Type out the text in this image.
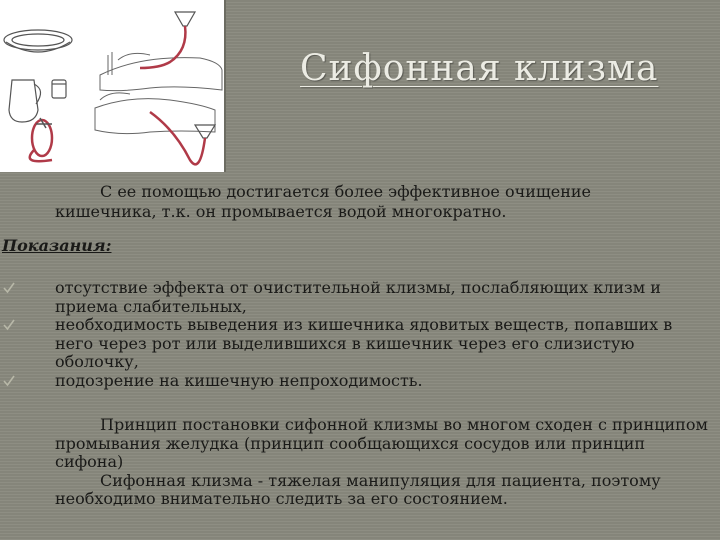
Сифонная клизма

С ее помощью достигается более эффективное очищение кишечника, т.к. он промывается водой многократно.

Показания:
отсутствие эффекта от очистительной клизмы, послабляющих клизм и приема слабительных,
необходимость выведения из кишечника ядовитых веществ, попавших в него через рот или выделившихся в кишечник через его слизистую оболочку,
подозрение на кишечную непроходимость.

Принцип постановки сифонной клизмы во многом сходен с принципом промывания желудка (принцип сообщающихся сосудов или принцип сифона)

Сифонная клизма - тяжелая манипуляция для пациента, поэтому необходимо внимательно следить за его состоянием.
